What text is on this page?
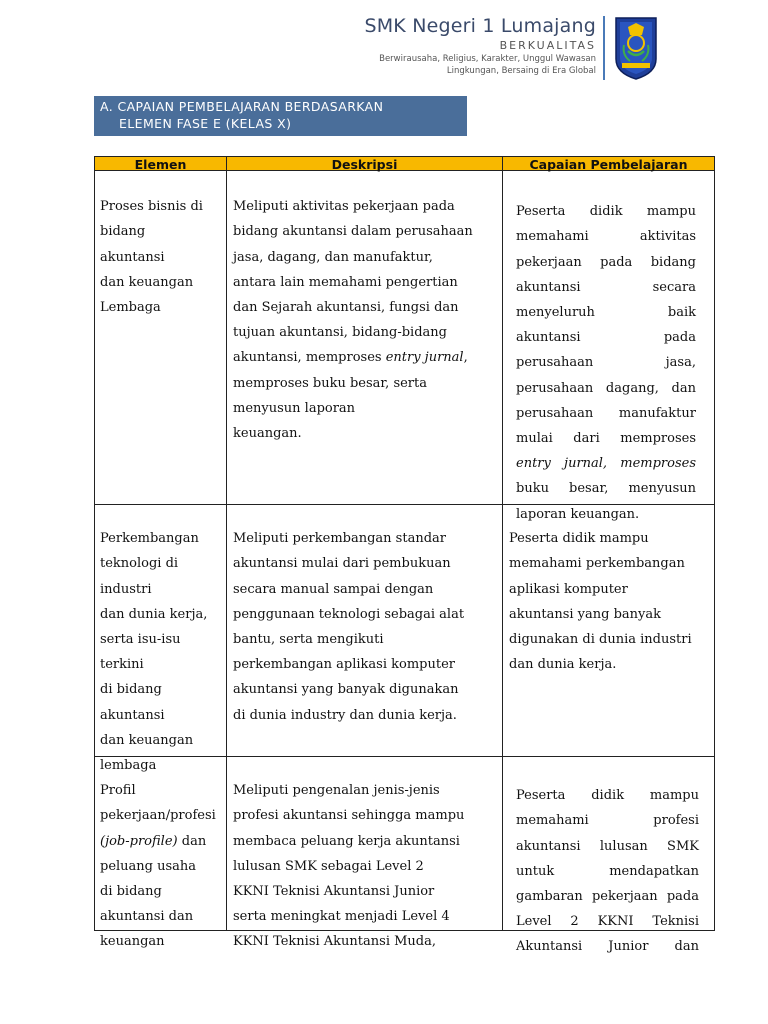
SMK Negeri 1 Lumajang
BERKUALITAS
Berwirausaha, Religius, Karakter, Unggul Wawasan
Lingkungan, Bersaing di Era Global
A. CAPAIAN PEMBELAJARAN BERDASARKAN
ELEMEN FASE E (KELAS X)
Elemen	Deskripsi	Capaian Pembelajaran

Proses bisnis di
bidang
akuntansi
dan keuangan
Lembaga

Meliputi aktivitas pekerjaan pada
bidang akuntansi dalam perusahaan
jasa, dagang, dan manufaktur,
antara lain memahami pengertian
dan Sejarah akuntansi, fungsi dan
tujuan akuntansi, bidang-bidang
akuntansi, memproses entry jurnal,
memproses buku besar, serta
menyusun laporan
keuangan.

Peserta didik mampu
memahami aktivitas
pekerjaan pada bidang
akuntansi secara
menyeluruh baik
akuntansi pada
perusahaan jasa,
perusahaan dagang, dan
perusahaan manufaktur
mulai dari memproses
entry jurnal, memproses
buku besar, menyusun
laporan keuangan.

Perkembangan
teknologi di
industri
dan dunia kerja,
serta isu-isu
terkini
di bidang
akuntansi
dan keuangan
lembaga

Meliputi perkembangan standar
akuntansi mulai dari pembukuan
secara manual sampai dengan
penggunaan teknologi sebagai alat
bantu, serta mengikuti
perkembangan aplikasi komputer
akuntansi yang banyak digunakan
di dunia industry dan dunia kerja.

Peserta didik mampu
memahami perkembangan
aplikasi komputer
akuntansi yang banyak
digunakan di dunia industri
dan dunia kerja.

Profil
pekerjaan/profesi
(job-profile) dan
peluang usaha
di bidang
akuntansi dan
keuangan

Meliputi pengenalan jenis-jenis
profesi akuntansi sehingga mampu
membaca peluang kerja akuntansi
lulusan SMK sebagai Level 2
KKNI Teknisi Akuntansi Junior
serta meningkat menjadi Level 4
KKNI Teknisi Akuntansi Muda,

Peserta didik mampu
memahami profesi
akuntansi lulusan SMK
untuk mendapatkan
gambaran pekerjaan pada
Level 2 KKNI Teknisi
Akuntansi Junior dan
